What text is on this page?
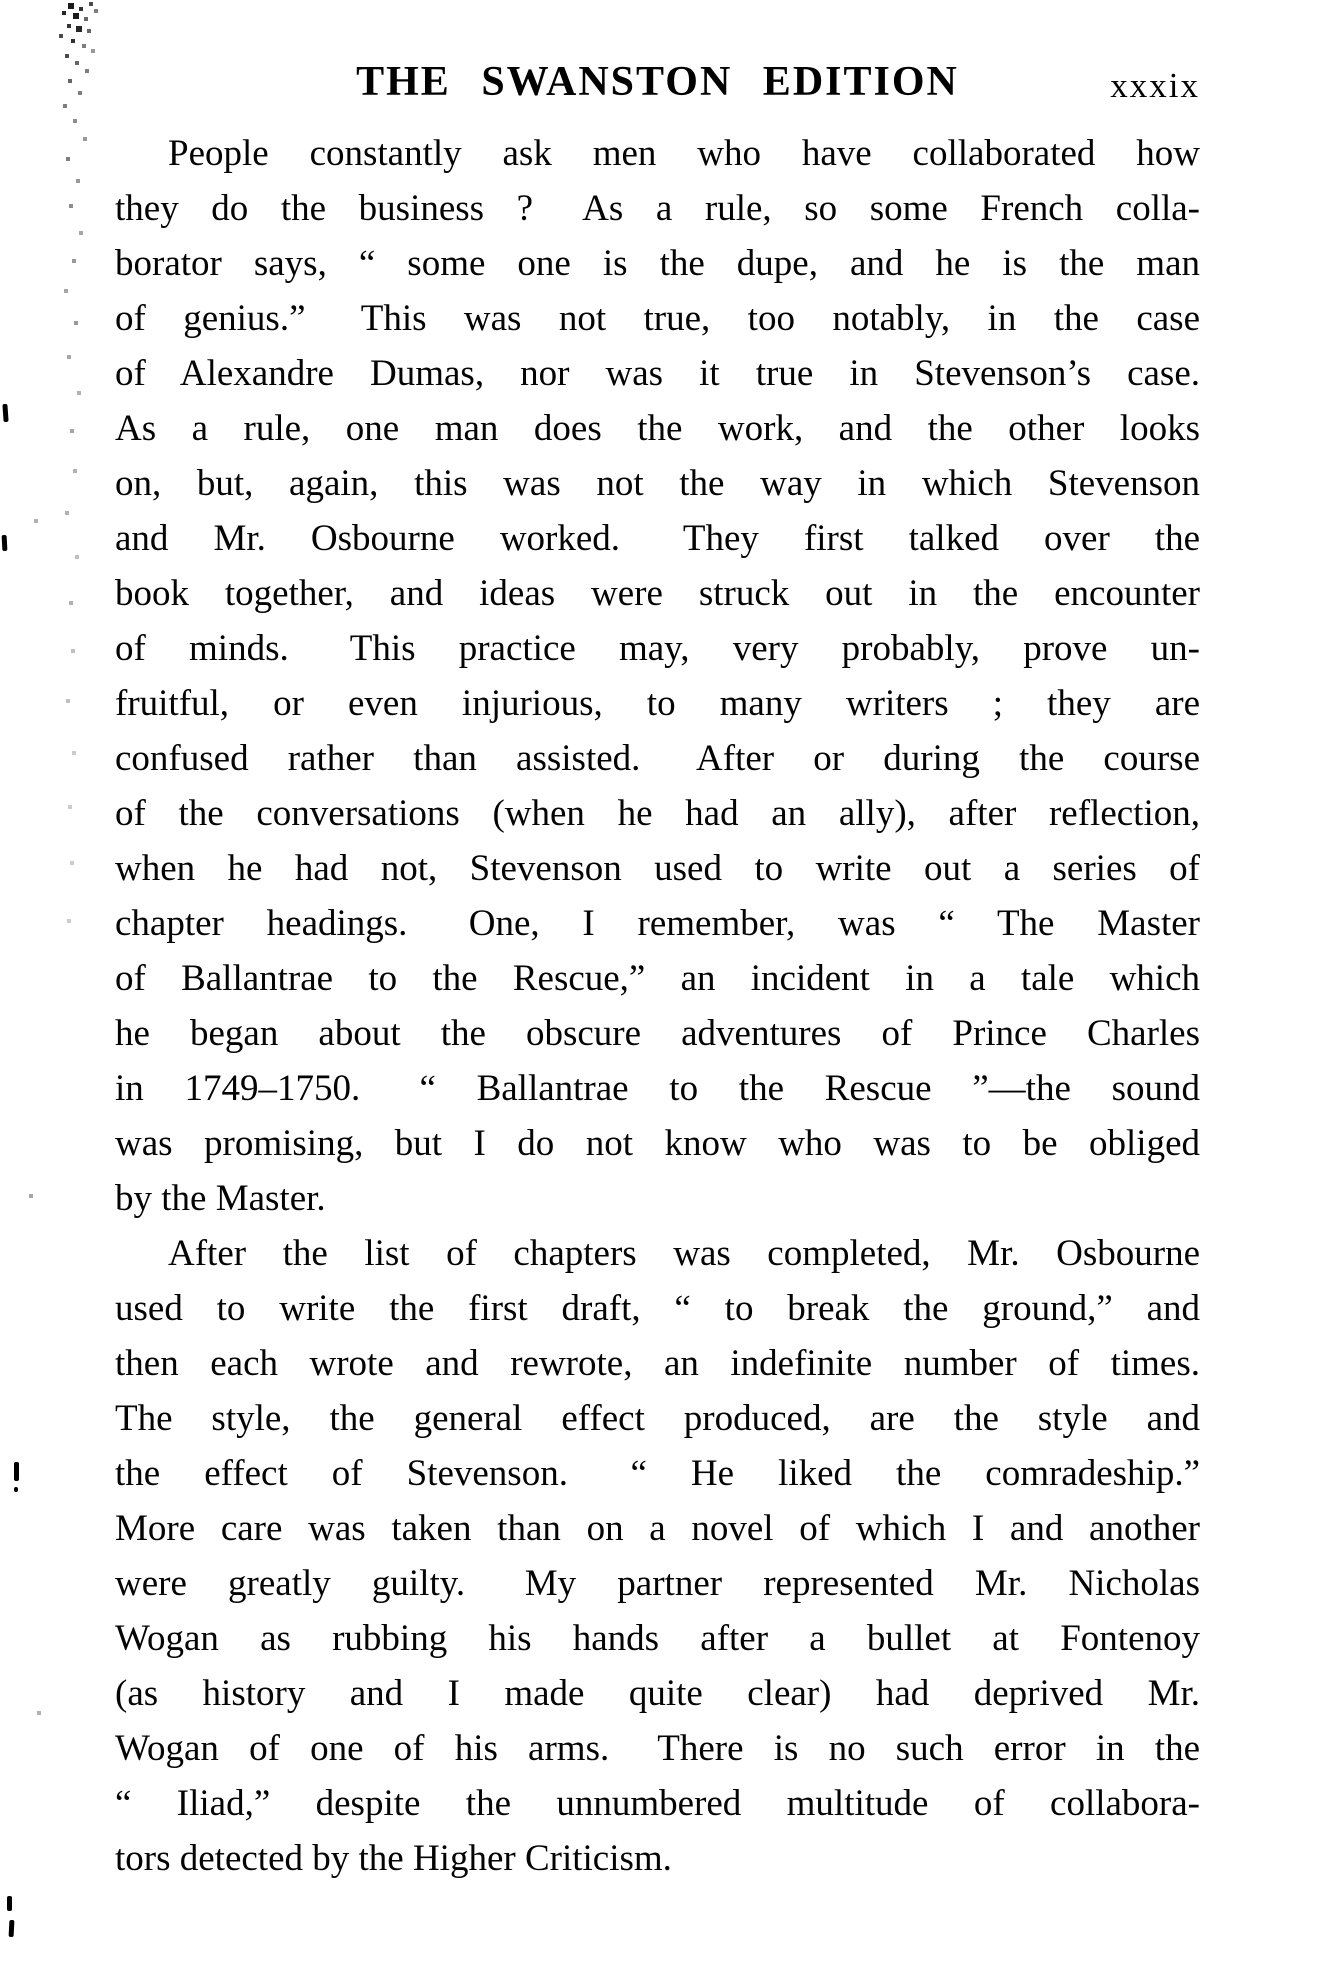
THE SWANSTON EDITION	xxxix
People constantly ask men who have collaborated how
they do the business ?  As a rule, so some French colla-
borator says, “ some one is the dupe, and he is the man
of genius.”  This was not true, too notably, in the case
of Alexandre Dumas, nor was it true in Stevenson’s case.
As a rule, one man does the work, and the other looks
on, but, again, this was not the way in which Stevenson
and Mr. Osbourne worked.  They first talked over the
book together, and ideas were struck out in the encounter
of minds.  This practice may, very probably, prove un-
fruitful, or even injurious, to many writers ; they are
confused rather than assisted.  After or during the course
of the conversations (when he had an ally), after reflection,
when he had not, Stevenson used to write out a series of
chapter headings.  One, I remember, was “ The Master
of Ballantrae to the Rescue,” an incident in a tale which
he began about the obscure adventures of Prince Charles
in 1749–1750.  “ Ballantrae to the Rescue ”—the sound
was promising, but I do not know who was to be obliged
by the Master.
After the list of chapters was completed, Mr. Osbourne
used to write the first draft, “ to break the ground,” and
then each wrote and rewrote, an indefinite number of times.
The style, the general effect produced, are the style and
the effect of Stevenson.  “ He liked the comradeship.”
More care was taken than on a novel of which I and another
were greatly guilty.  My partner represented Mr. Nicholas
Wogan as rubbing his hands after a bullet at Fontenoy
(as history and I made quite clear) had deprived Mr.
Wogan of one of his arms.  There is no such error in the
“ Iliad,” despite the unnumbered multitude of collabora-
tors detected by the Higher Criticism.
